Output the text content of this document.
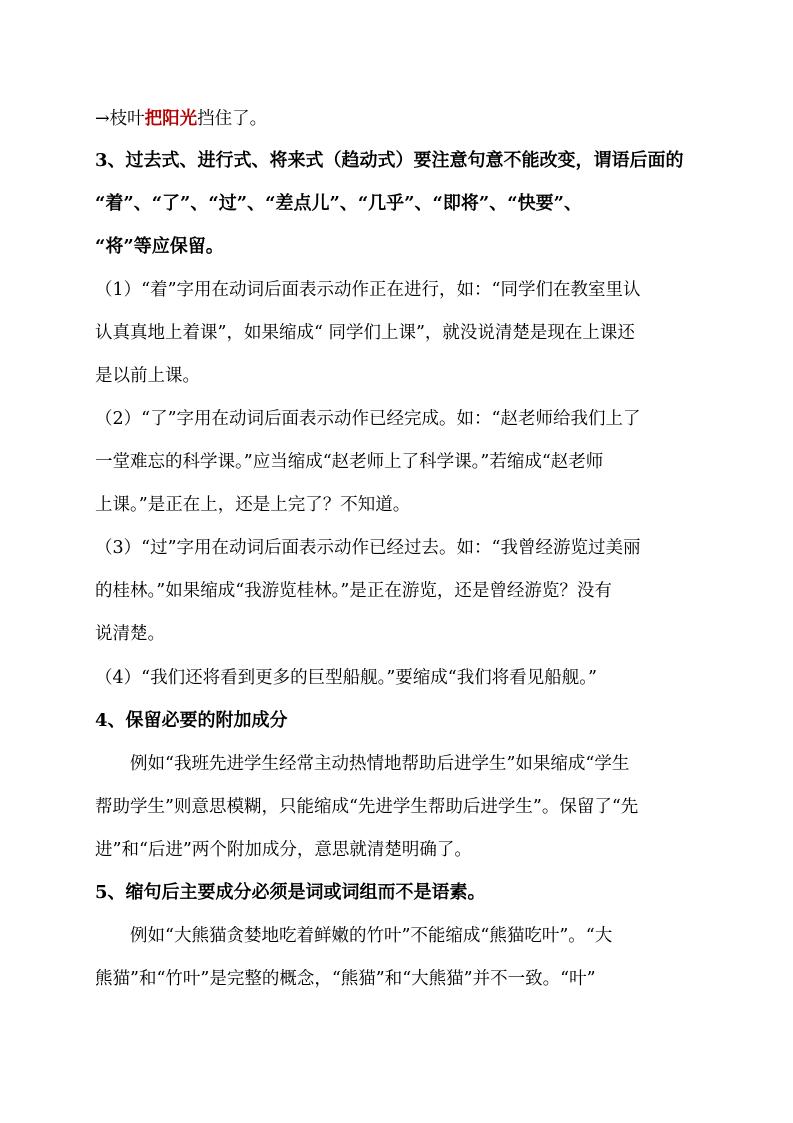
→枝叶把阳光挡住了。
3、过去式、进行式、将来式（趋动式）要注意句意不能改变，谓语后面的
“着”、“了”、“过”、“差点儿”、“几乎”、“即将”、“快要”、
“将”等应保留。
（1）“着”字用在动词后面表示动作正在进行，如：“同学们在教室里认
认真真地上着课”，如果缩成“ 同学们上课”，就没说清楚是现在上课还
是以前上课。
（2）“了”字用在动词后面表示动作已经完成。如：“赵老师给我们上了
一堂难忘的科学课。”应当缩成“赵老师上了科学课。”若缩成“赵老师
上课。”是正在上，还是上完了？不知道。
（3）“过”字用在动词后面表示动作已经过去。如：“我曾经游览过美丽
的桂林。”如果缩成“我游览桂林。”是正在游览，还是曾经游览？没有
说清楚。
（4）“我们还将看到更多的巨型船舰。”要缩成“我们将看见船舰。”
4、保留必要的附加成分
例如“我班先进学生经常主动热情地帮助后进学生”如果缩成“学生
帮助学生”则意思模糊，只能缩成“先进学生帮助后进学生”。保留了“先
进”和“后进”两个附加成分，意思就清楚明确了。
5、缩句后主要成分必须是词或词组而不是语素。
例如“大熊猫贪婪地吃着鲜嫩的竹叶”不能缩成“熊猫吃叶”。“大
熊猫”和“竹叶”是完整的概念，“熊猫”和“大熊猫”并不一致。“叶”
